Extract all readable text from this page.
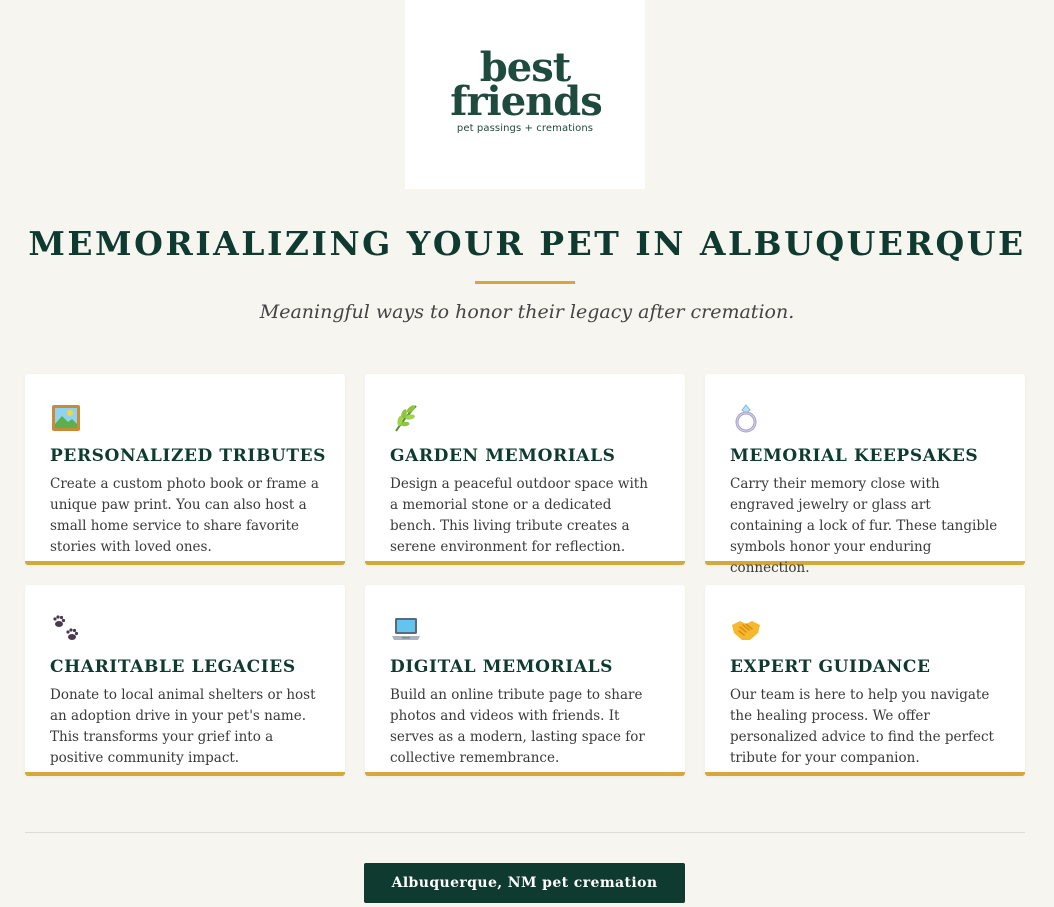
best
friends
pet passings + cremations
MEMORIALIZING YOUR PET IN ALBUQUERQUE

Meaningful ways to honor their legacy after cremation.

PERSONALIZED TRIBUTES

Create a custom photo book or frame a unique paw print. You can also host a small home service to share favorite stories with loved ones.

GARDEN MEMORIALS

Design a peaceful outdoor space with a memorial stone or a dedicated bench. This living tribute creates a serene environment for reflection.

MEMORIAL KEEPSAKES

Carry their memory close with engraved jewelry or glass art containing a lock of fur. These tangible symbols honor your enduring connection.

CHARITABLE LEGACIES

Donate to local animal shelters or host an adoption drive in your pet's name. This transforms your grief into a positive community impact.

DIGITAL MEMORIALS

Build an online tribute page to share photos and videos with friends. It serves as a modern, lasting space for collective remembrance.

EXPERT GUIDANCE

Our team is here to help you navigate the healing process. We offer personalized advice to find the perfect tribute for your companion.

Albuquerque, NM pet cremation
